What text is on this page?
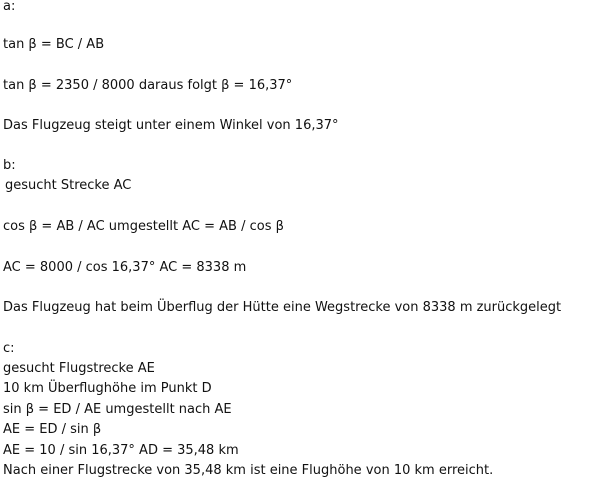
a:
tan β = BC / AB
tan β = 2350 / 8000 daraus folgt β = 16,37°
Das Flugzeug steigt unter einem Winkel von 16,37°
b:
gesucht Strecke AC
cos β = AB / AC umgestellt AC = AB / cos β
AC = 8000 / cos 16,37° AC = 8338 m
Das Flugzeug hat beim Überflug der Hütte eine Wegstrecke von 8338 m zurückgelegt
c:
gesucht Flugstrecke AE
10 km Überflughöhe im Punkt D
sin β = ED / AE umgestellt nach AE
AE = ED / sin β
AE = 10 / sin 16,37° AD = 35,48 km
Nach einer Flugstrecke von 35,48 km ist eine Flughöhe von 10 km erreicht.
